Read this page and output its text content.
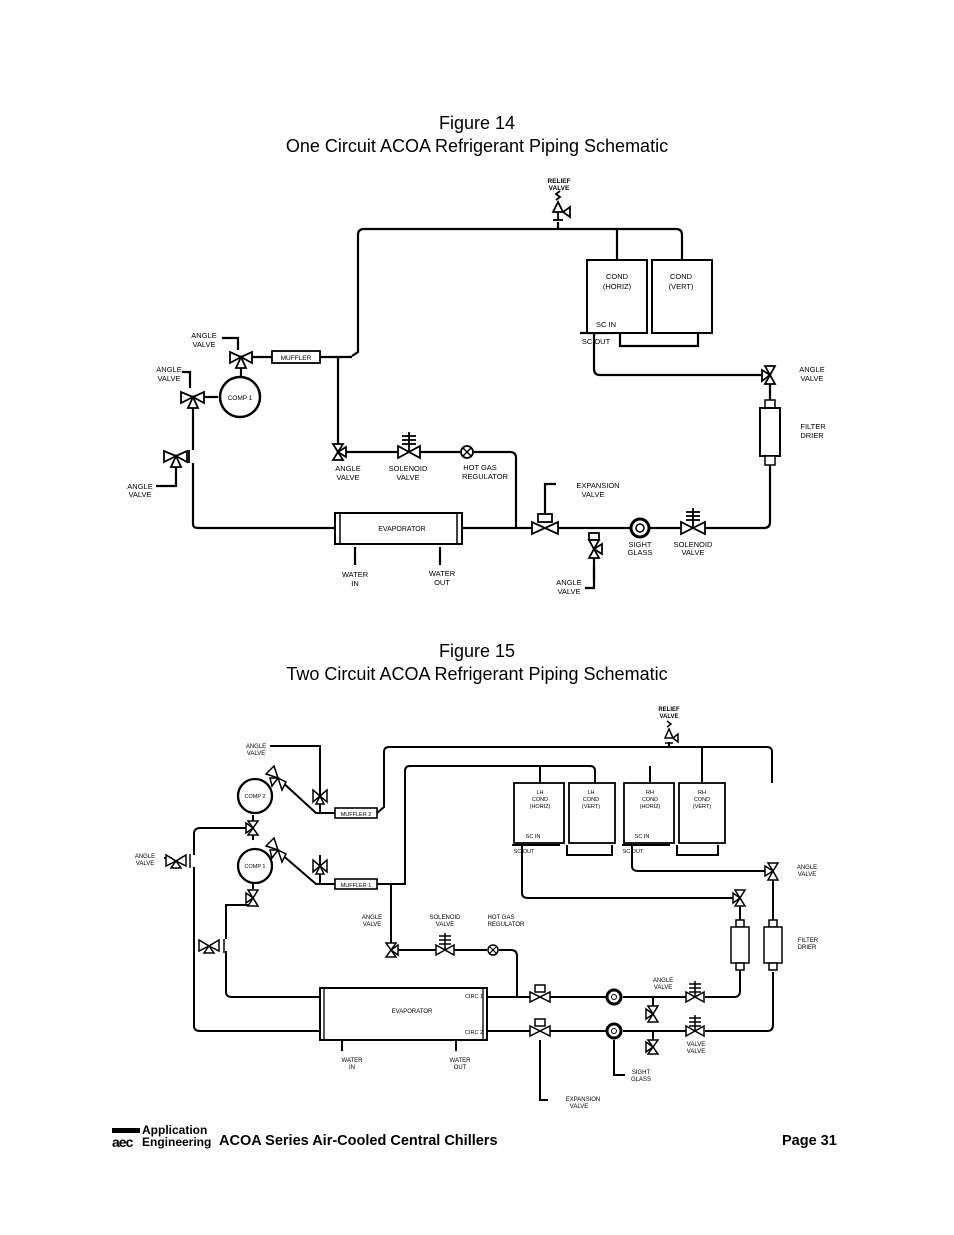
Figure 14
One Circuit ACOA Refrigerant Piping Schematic
RELIEF
VALVE
COND
(HORIZ)
COND
(VERT)
SC IN
SC OUT
ANGLE
VALVE
ANGLE
VALVE
ANGLE
VALVE
ANGLE
VALVE
ANGLE
VALVE
ANGLE
VALVE
MUFFLER
COMP 1
SOLENOID
VALVE
HOT GAS
REGULATOR
FILTER
DRIER
EXPANSION
VALVE
EVAPORATOR
WATER
IN
WATER
OUT
SIGHT
GLASS
SOLENOID
VALVE
Figure 15
Two Circuit ACOA Refrigerant Piping Schematic
RELIEF
VALVE
ANGLE
VALVE
ANGLE
VALVE
COMP 2
COMP 1
MUFFLER 2
MUFFLER 1
LH
COND
(HORIZ)
LH
COND
(VERT)
RH
COND
(HORIZ)
RH
COND
(VERT)
SC IN
SC OUT
SC IN
SC OUT
ANGLE
VALVE
FILTER
DRIER
ANGLE
VALVE
SOLENOID
VALVE
HOT GAS
REGULATOR
EVAPORATOR
CIRC 1
CIRC 2
ANGLE
VALVE
VALVE
VALVE
WATER
IN
WATER
OUT
SIGHT
GLASS
EXPANSION
VALVE
aec
Application
Engineering ACOA Series Air-Cooled Central Chillers	Page 31
